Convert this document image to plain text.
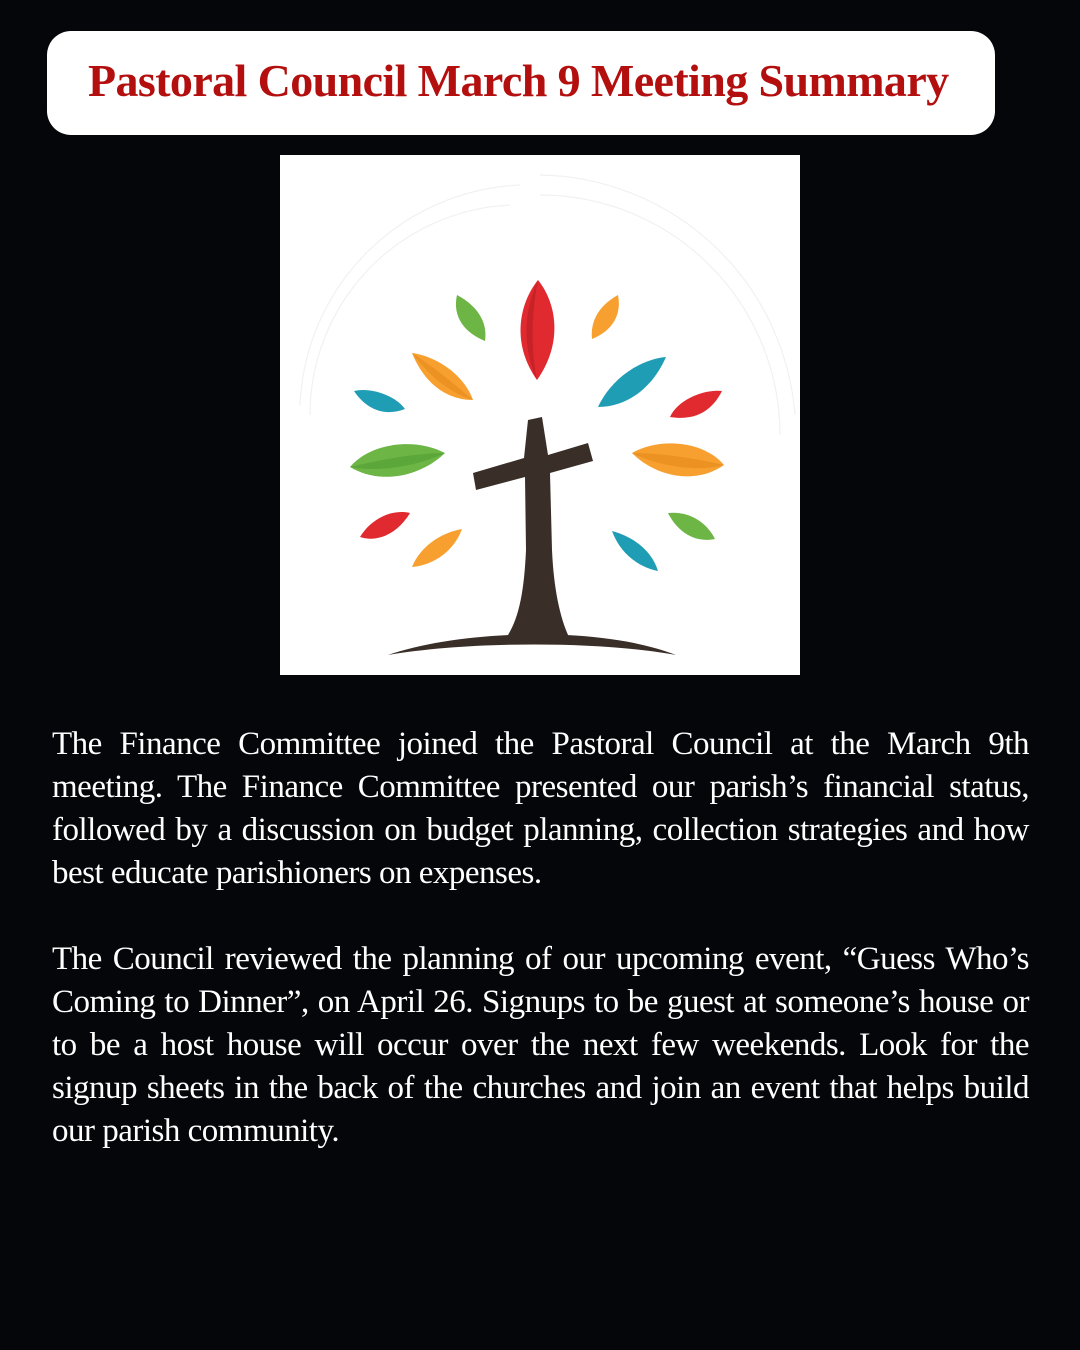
Pastoral Council March 9 Meeting Summary

The Finance Committee joined the Pastoral Council at the March 9th meeting. The Finance Committee presented our parish’s financial status, followed by a discussion on budget planning, collection strategies and how best educate parishioners on expenses.

The Council reviewed the planning of our upcoming event, “Guess Who’s Coming to Dinner”, on April 26. Signups to be guest at someone’s house or to be a host house will occur over the next few weekends. Look for the signup sheets in the back of the churches and join an event that helps build our parish community.
